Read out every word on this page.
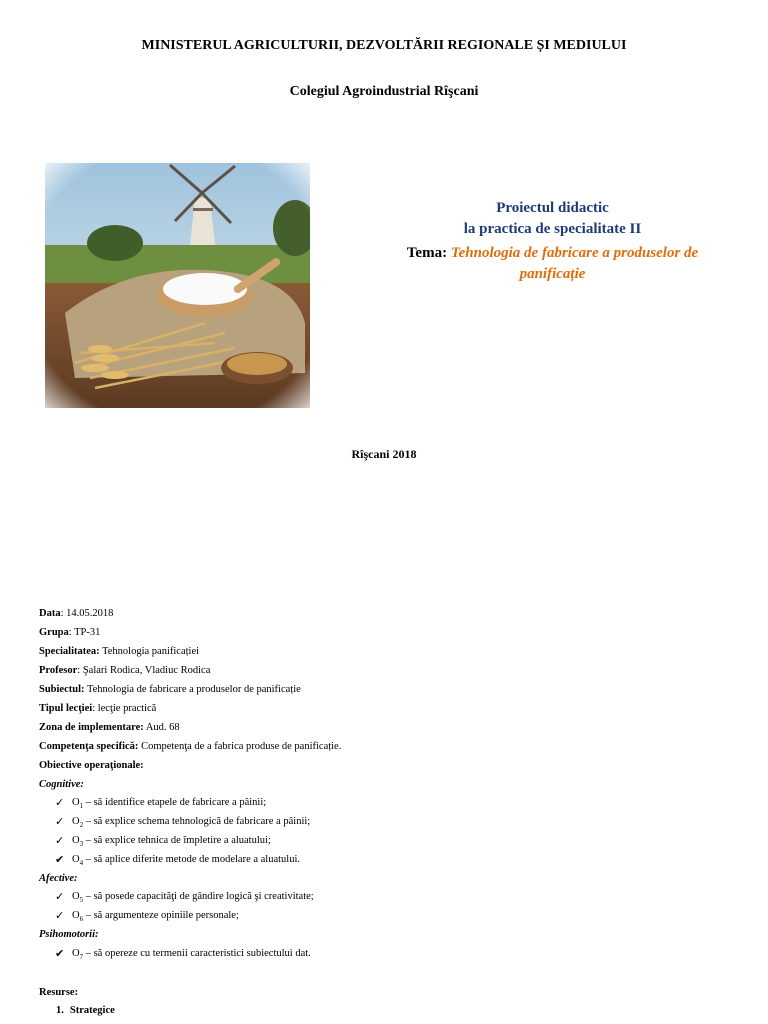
MINISTERUL AGRICULTURII, DEZVOLTĂRII REGIONALE ȘI MEDIULUI
Colegiul Agroindustrial Rîşcani
Proiectul didactic
la practica de specialitate II
Tema: Tehnologia de fabricare a produselor de
panificație
Rîşcani 2018
Data: 14.05.2018
Grupa: TP-31
Specialitatea: Tehnologia panificației
Profesor: Şalari Rodica, Vladiuc Rodica
Subiectul: Tehnologia de fabricare a produselor de panificație
Tipul lecţiei: lecţie practică
Zona de implementare: Aud. 68
Competenţa specifică: Competenţa de a fabrica produse de panificație.
Obiective operaţionale:
Cognitive:
✓ $O_1$ – să identifice etapele de fabricare a pâinii;
✓ $O_2$ – să explice schema tehnologică de fabricare a pâinii;
✓ $O_3$ – să explice tehnica de împletire a aluatului;
✔ $O_4$ – să aplice diferite metode de modelare a aluatului.
Afective:
✓ $O_5$ – să posede capacităţi de gândire logică şi creativitate;
✓ $O_6$ – să argumenteze opiniile personale;
Psihomotorii:
✔ $O_7$ – să opereze cu termenii caracteristici subiectului dat.
Resurse:
1. Strategice
